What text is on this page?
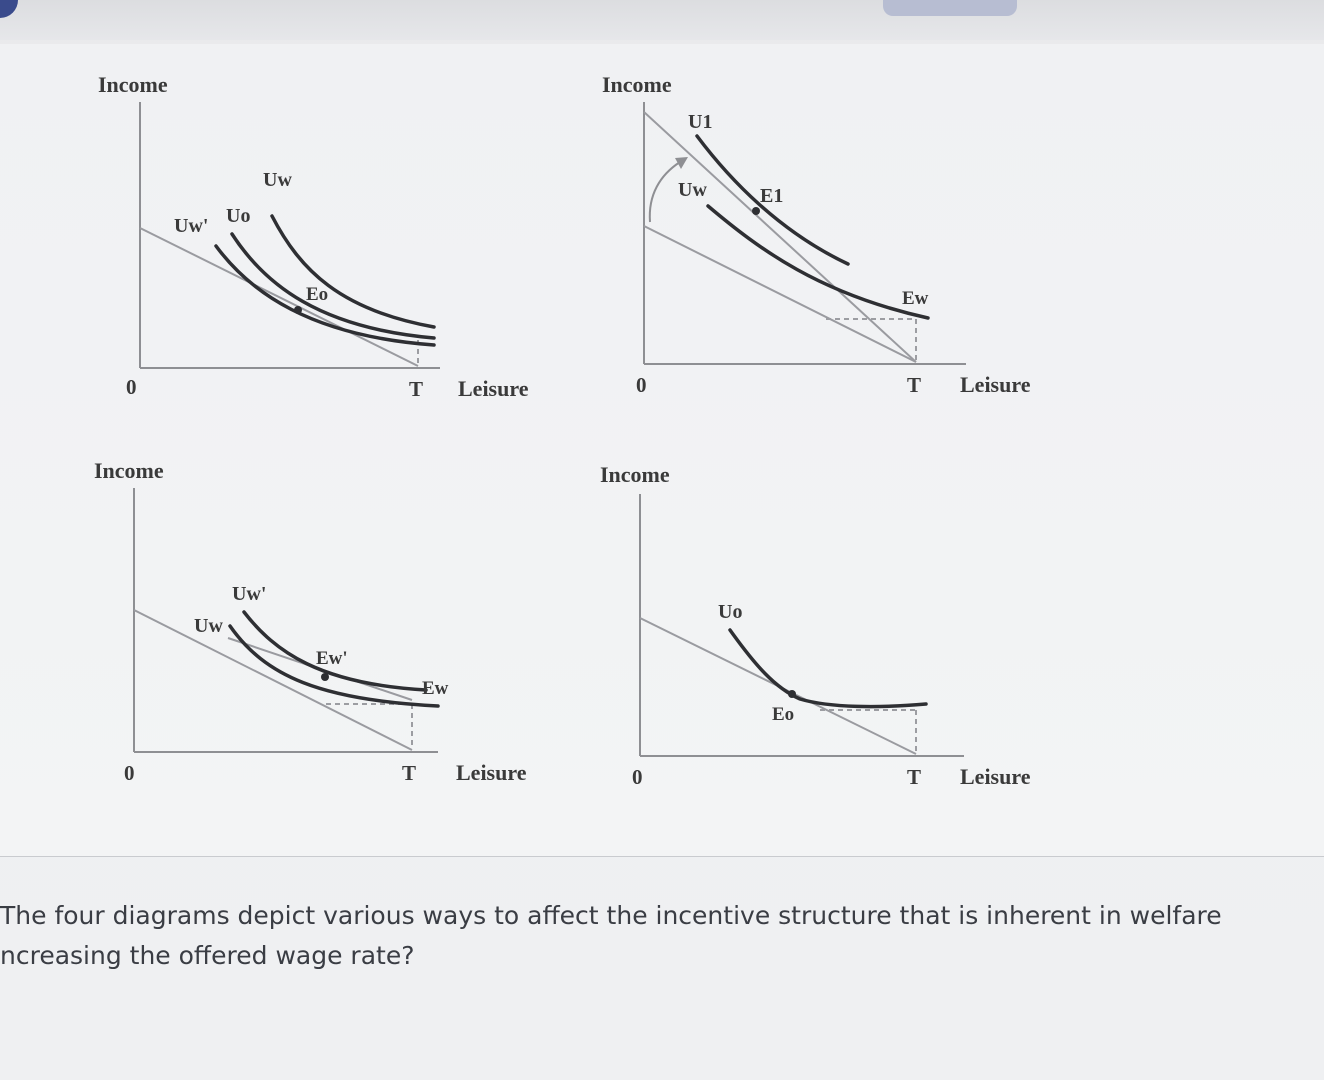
Income
Uw
Uw' Uo
Eo
0	T Leisure
Income
U1
Uw	E1
Ew
0	T Leisure
Income
Uw'
Uw
Ew'
Ew
0	T Leisure
Income
Uo
Eo
0	T Leisure
The four diagrams depict various ways to affect the incentive structure that is inherent in welfare
ncreasing the offered wage rate?
